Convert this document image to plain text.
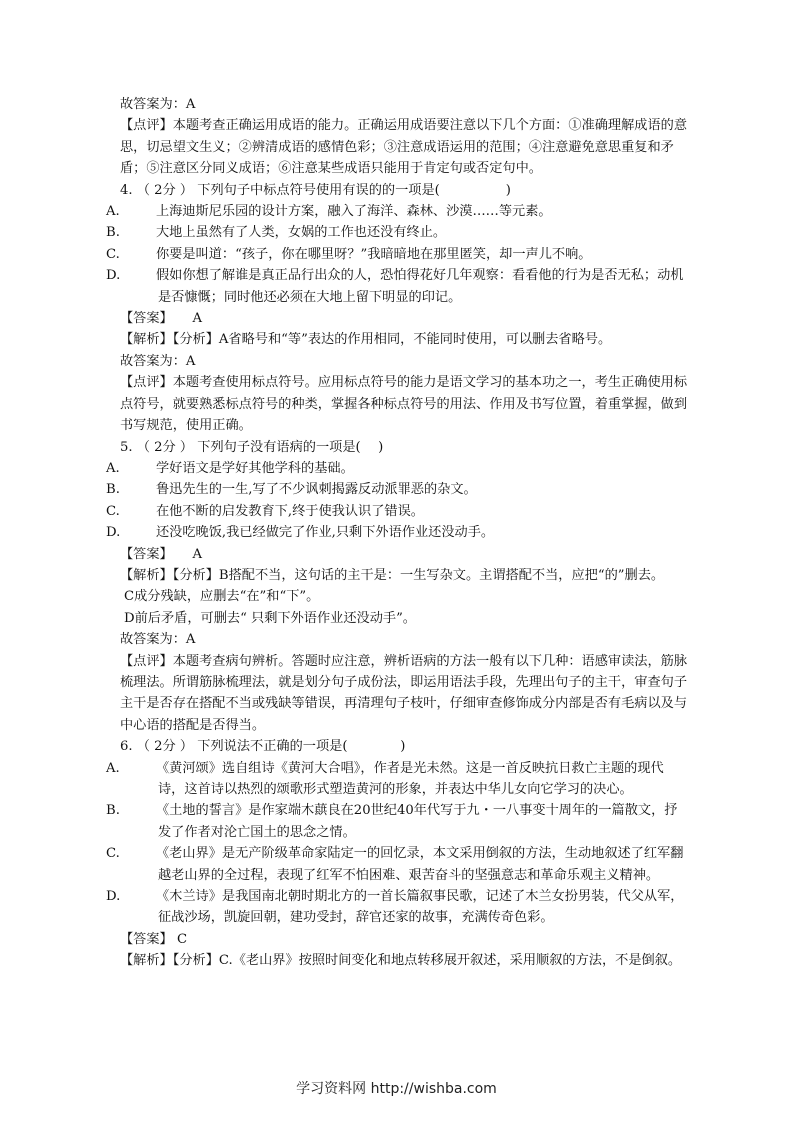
故答案为：A
【点评】本题考查正确运用成语的能力。正确运用成语要注意以下几个方面：①准确理解成语的意思，切忌望文生义；②辨清成语的感情色彩；③注意成语运用的范围；④注意避免意思重复和矛盾；⑤注意区分同义成语；⑥注意某些成语只能用于肯定句或否定句中。
4. （ 2分 ） 下列句子中标点符号使用有误的的一项是(　　　　　)
A.	上海迪斯尼乐园的设计方案，融入了海洋、森林、沙漠……等元素。
B.	大地上虽然有了人类，女娲的工作也还没有终止。
C.	你要是叫道：“孩子，你在哪里呀？”我暗暗地在那里匿笑，却一声儿不响。
D.	假如你想了解谁是真正品行出众的人，恐怕得花好几年观察：看看他的行为是否无私；动机是否慷慨；同时他还必须在大地上留下明显的印记。
【答案】　　A
【解析】【分析】A省略号和“等”表达的作用相同，不能同时使用，可以删去省略号。
故答案为：A
【点评】本题考查使用标点符号。应用标点符号的能力是语文学习的基本功之一，考生正确使用标点符号，就要熟悉标点符号的种类，掌握各种标点符号的用法、作用及书写位置，着重掌握，做到书写规范，使用正确。
5. （ 2分 ） 下列句子没有语病的一项是(　 )
A.	学好语文是学好其他学科的基础。
B.	鲁迅先生的一生,写了不少讽刺揭露反动派罪恶的杂文。
C.	在他不断的启发教育下,终于使我认识了错误。
D.	还没吃晚饭,我已经做完了作业,只剩下外语作业还没动手。
【答案】　　A
【解析】【分析】B搭配不当，这句话的主干是：一生写杂文。主谓搭配不当，应把“的”删去。
C成分残缺，应删去“在”和“下”。
D前后矛盾，可删去“ 只剩下外语作业还没动手”。
故答案为：A
【点评】本题考查病句辨析。答题时应注意，辨析语病的方法一般有以下几种：语感审读法，筋脉梳理法。所谓筋脉梳理法，就是划分句子成份法，即运用语法手段，先理出句子的主干，审查句子主干是否存在搭配不当或残缺等错误，再清理句子枝叶，仔细审查修饰成分内部是否有毛病以及与中心语的搭配是否得当。
6. （ 2分 ） 下列说法不正确的一项是(　　　　)
A.	《黄河颂》选自组诗《黄河大合唱》，作者是光未然。这是一首反映抗日救亡主题的现代诗，这首诗以热烈的颂歌形式塑造黄河的形象，并表达中华儿女向它学习的决心。
B.	《土地的誓言》是作家端木蕻良在20世纪40年代写于九・一八事变十周年的一篇散文，抒发了作者对沦亡国土的思念之情。
C.	《老山界》是无产阶级革命家陆定一的回忆录，本文采用倒叙的方法，生动地叙述了红军翻越老山界的全过程，表现了红军不怕困难、艰苦奋斗的坚强意志和革命乐观主义精神。
D.	《木兰诗》是我国南北朝时期北方的一首长篇叙事民歌，记述了木兰女扮男装，代父从军，征战沙场，凯旋回朝，建功受封，辞官还家的故事，充满传奇色彩。
【答案】 C
【解析】【分析】C.《老山界》按照时间变化和地点转移展开叙述，采用顺叙的方法，不是倒叙。
学习资料网 http://wishba.com
